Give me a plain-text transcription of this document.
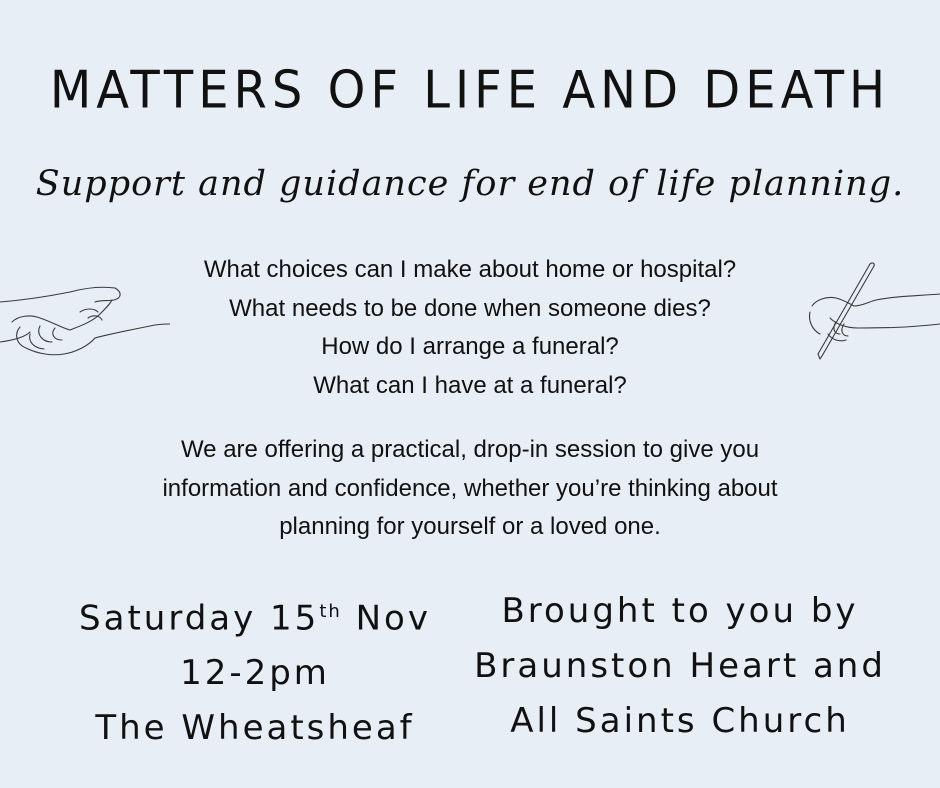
MATTERS OF LIFE AND DEATH
Support and guidance for end of life planning.
What choices can I make about home or hospital?
What needs to be done when someone dies?
How do I arrange a funeral?
What can I have at a funeral?
We are offering a practical, drop-in session to give you
information and confidence, whether you’re thinking about
planning for yourself or a loved one.
Saturday 15th Nov
12-2pm
The Wheatsheaf
Brought to you by
Braunston Heart and
All Saints Church
